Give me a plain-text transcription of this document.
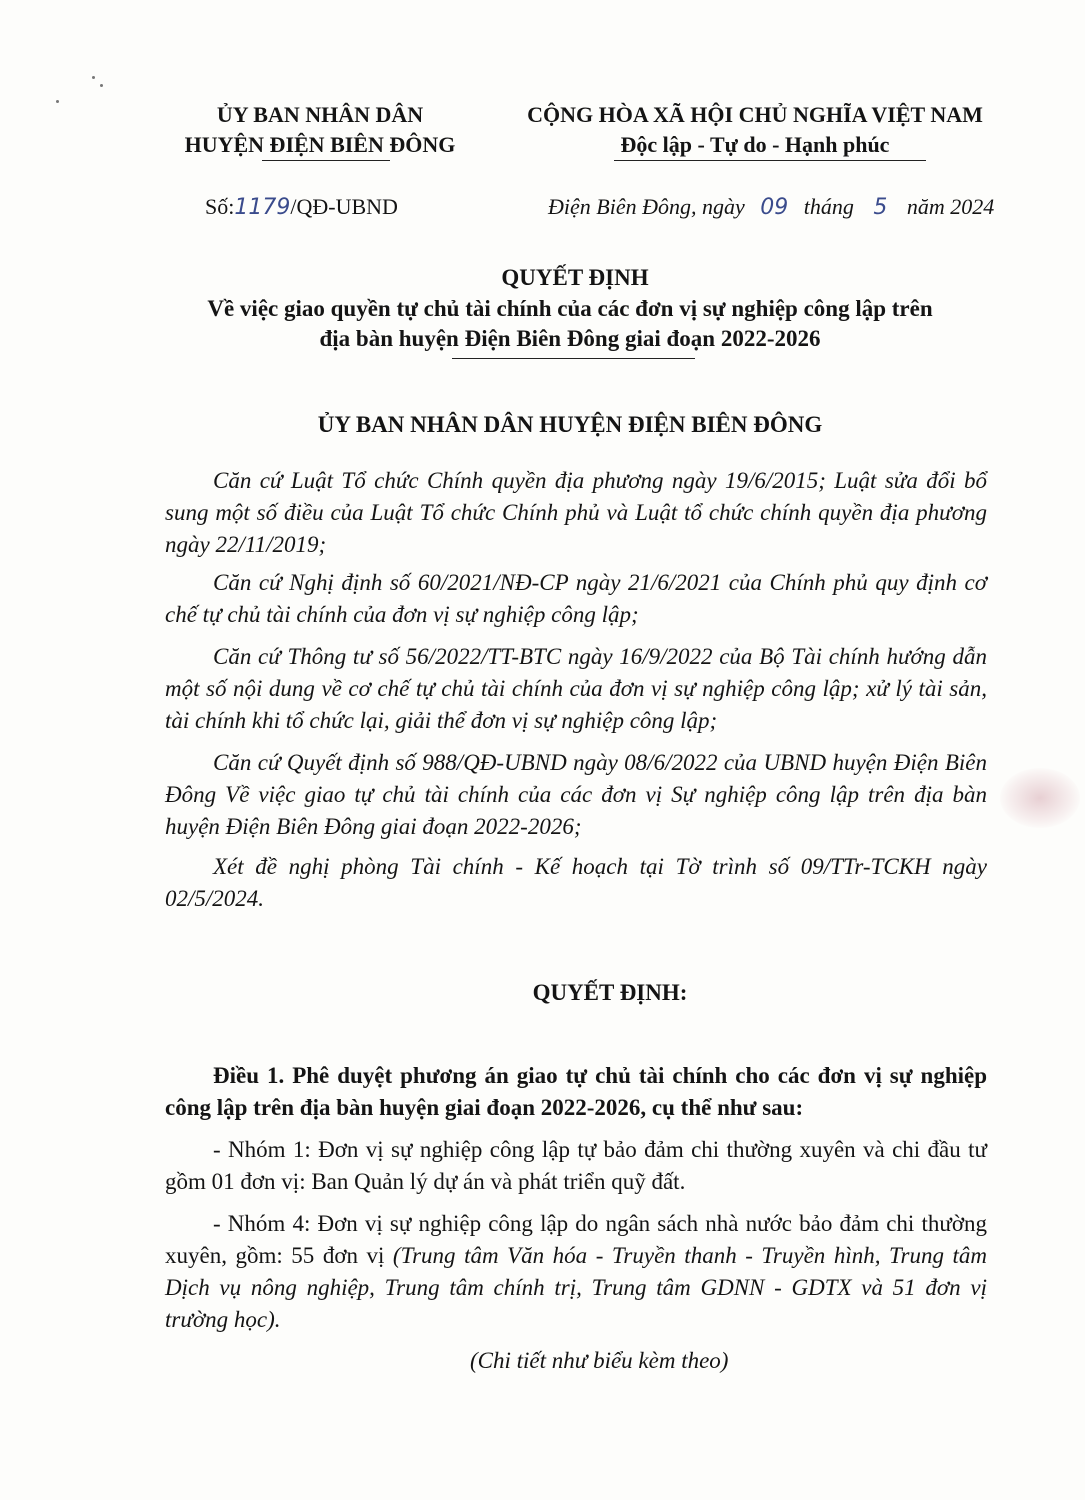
ỦY BAN NHÂN DÂN
HUYỆN ĐIỆN BIÊN ĐÔNG
CỘNG HÒA XÃ HỘI CHỦ NGHĨA VIỆT NAM
Độc lập - Tự do - Hạnh phúc
Số:1179/QĐ-UBND	Điện Biên Đông, ngày 09 tháng 5 năm 2024
QUYẾT ĐỊNH
Về việc giao quyền tự chủ tài chính của các đơn vị sự nghiệp công lập trên
địa bàn huyện Điện Biên Đông giai đoạn 2022-2026
ỦY BAN NHÂN DÂN HUYỆN ĐIỆN BIÊN ĐÔNG

Căn cứ Luật Tổ chức Chính quyền địa phương ngày 19/6/2015; Luật sửa đổi bổ sung một số điều của Luật Tổ chức Chính phủ và Luật tổ chức chính quyền địa phương ngày 22/11/2019;

Căn cứ Nghị định số 60/2021/NĐ-CP ngày 21/6/2021 của Chính phủ quy định cơ chế tự chủ tài chính của đơn vị sự nghiệp công lập;

Căn cứ Thông tư số 56/2022/TT-BTC ngày 16/9/2022 của Bộ Tài chính hướng dẫn một số nội dung về cơ chế tự chủ tài chính của đơn vị sự nghiệp công lập; xử lý tài sản, tài chính khi tổ chức lại, giải thể đơn vị sự nghiệp công lập;

Căn cứ Quyết định số 988/QĐ-UBND ngày 08/6/2022 của UBND huyện Điện Biên Đông Về việc giao tự chủ tài chính của các đơn vị Sự nghiệp công lập trên địa bàn huyện Điện Biên Đông giai đoạn 2022-2026;

Xét đề nghị phòng Tài chính - Kế hoạch tại Tờ trình số 09/TTr-TCKH ngày 02/5/2024.

QUYẾT ĐỊNH:

Điều 1. Phê duyệt phương án giao tự chủ tài chính cho các đơn vị sự nghiệp công lập trên địa bàn huyện giai đoạn 2022-2026, cụ thể như sau:

- Nhóm 1: Đơn vị sự nghiệp công lập tự bảo đảm chi thường xuyên và chi đầu tư gồm 01 đơn vị: Ban Quản lý dự án và phát triển quỹ đất.

- Nhóm 4: Đơn vị sự nghiệp công lập do ngân sách nhà nước bảo đảm chi thường xuyên, gồm: 55 đơn vị (Trung tâm Văn hóa - Truyền thanh - Truyền hình, Trung tâm Dịch vụ nông nghiệp, Trung tâm chính trị, Trung tâm GDNN - GDTX và 51 đơn vị trường học).

(Chi tiết như biểu kèm theo)
